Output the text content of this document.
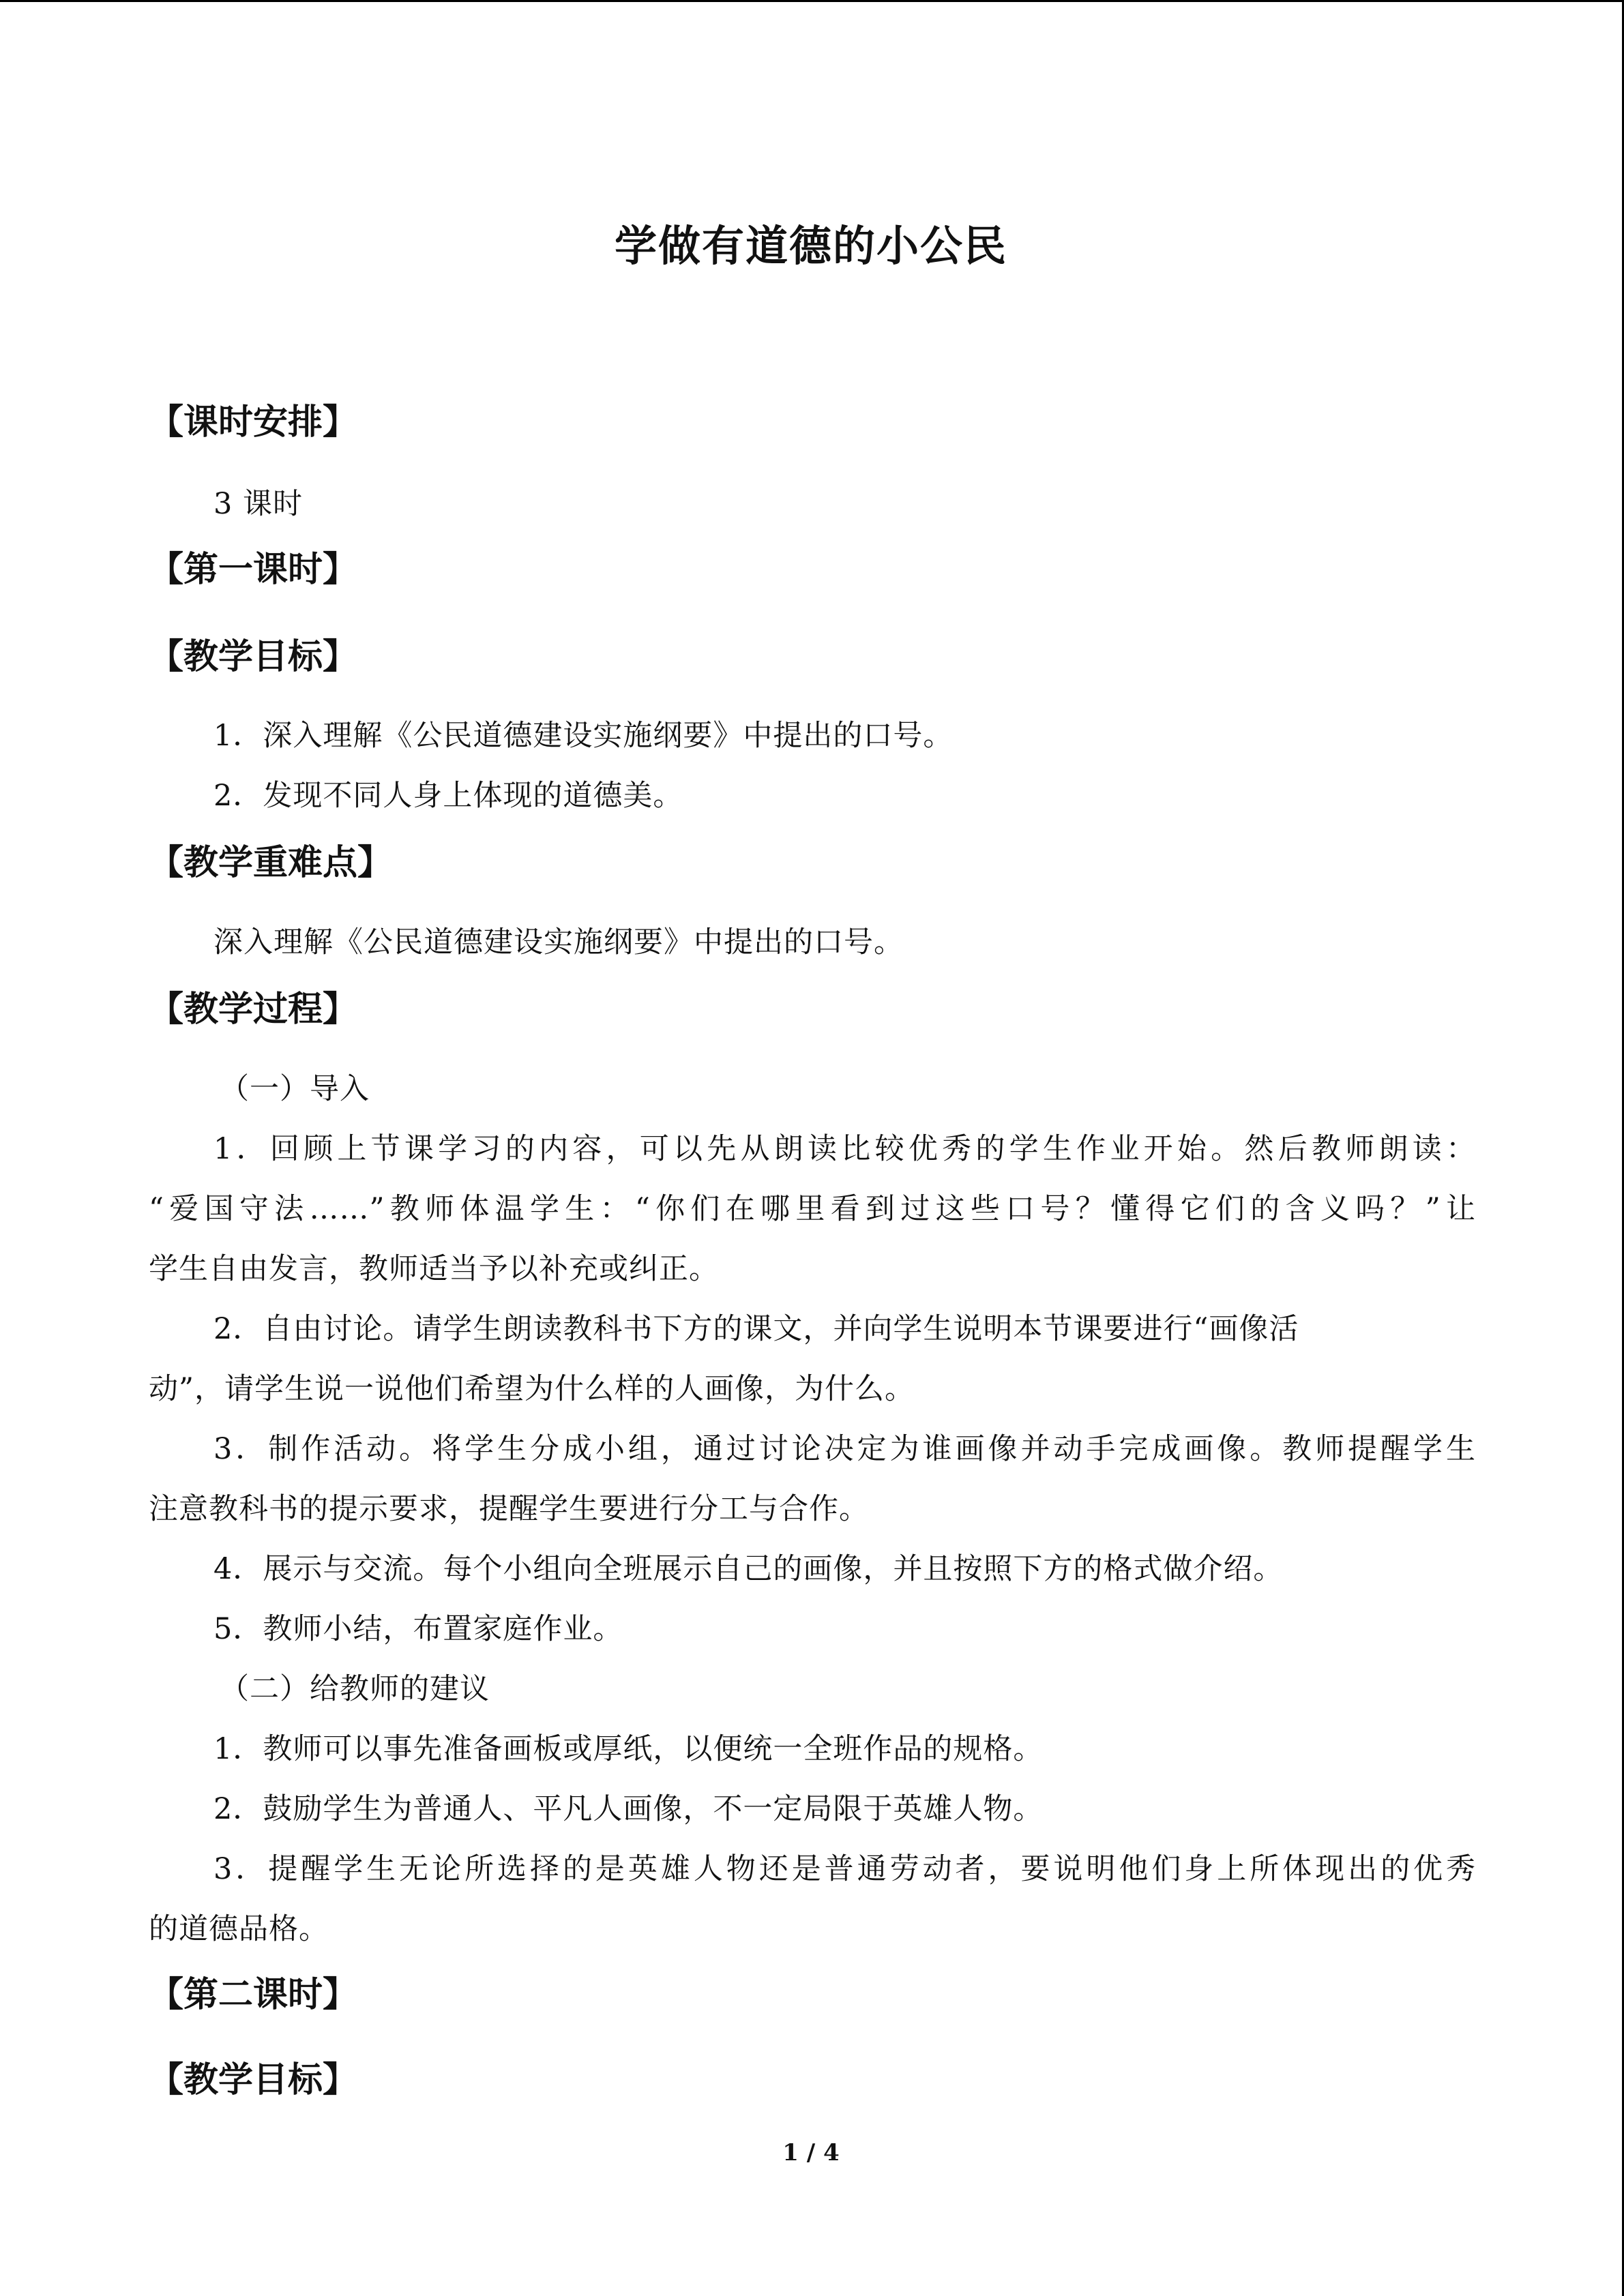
学做有道德的小公民
【课时安排】
3 课时
【第一课时】
【教学目标】
1．深入理解《公民道德建设实施纲要》中提出的口号。
2．发现不同人身上体现的道德美。
【教学重难点】
深入理解《公民道德建设实施纲要》中提出的口号。
【教学过程】
（一）导入
1．回顾上节课学习的内容，可以先从朗读比较优秀的学生作业开始。然后教师朗读：
“爱国守法……”教师体温学生：“你们在哪里看到过这些口号？懂得它们的含义吗？”让
学生自由发言，教师适当予以补充或纠正。
2．自由讨论。请学生朗读教科书下方的课文，并向学生说明本节课要进行“画像活
动”，请学生说一说他们希望为什么样的人画像，为什么。
3．制作活动。将学生分成小组，通过讨论决定为谁画像并动手完成画像。教师提醒学生
注意教科书的提示要求，提醒学生要进行分工与合作。
4．展示与交流。每个小组向全班展示自己的画像，并且按照下方的格式做介绍。
5．教师小结，布置家庭作业。
（二）给教师的建议
1．教师可以事先准备画板或厚纸，以便统一全班作品的规格。
2．鼓励学生为普通人、平凡人画像，不一定局限于英雄人物。
3．提醒学生无论所选择的是英雄人物还是普通劳动者，要说明他们身上所体现出的优秀
的道德品格。
【第二课时】
【教学目标】
1 / 4
